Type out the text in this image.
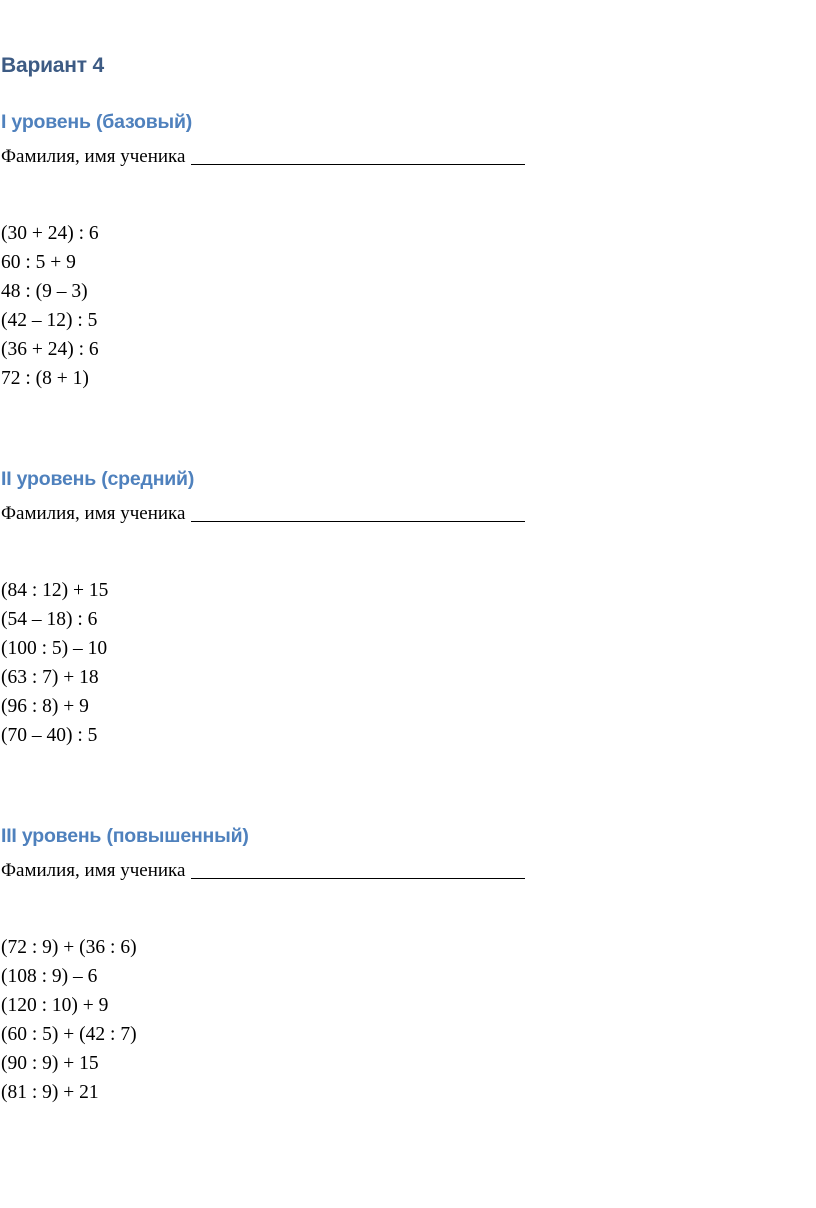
Вариант 4
I уровень (базовый)
Фамилия, имя ученика
(30 + 24) : 6
60 : 5 + 9
48 : (9 – 3)
(42 – 12) : 5
(36 + 24) : 6
72 : (8 + 1)
II уровень (средний)
Фамилия, имя ученика
(84 : 12) + 15
(54 – 18) : 6
(100 : 5) – 10
(63 : 7) + 18
(96 : 8) + 9
(70 – 40) : 5
III уровень (повышенный)
Фамилия, имя ученика
(72 : 9) + (36 : 6)
(108 : 9) – 6
(120 : 10) + 9
(60 : 5) + (42 : 7)
(90 : 9) + 15
(81 : 9) + 21
